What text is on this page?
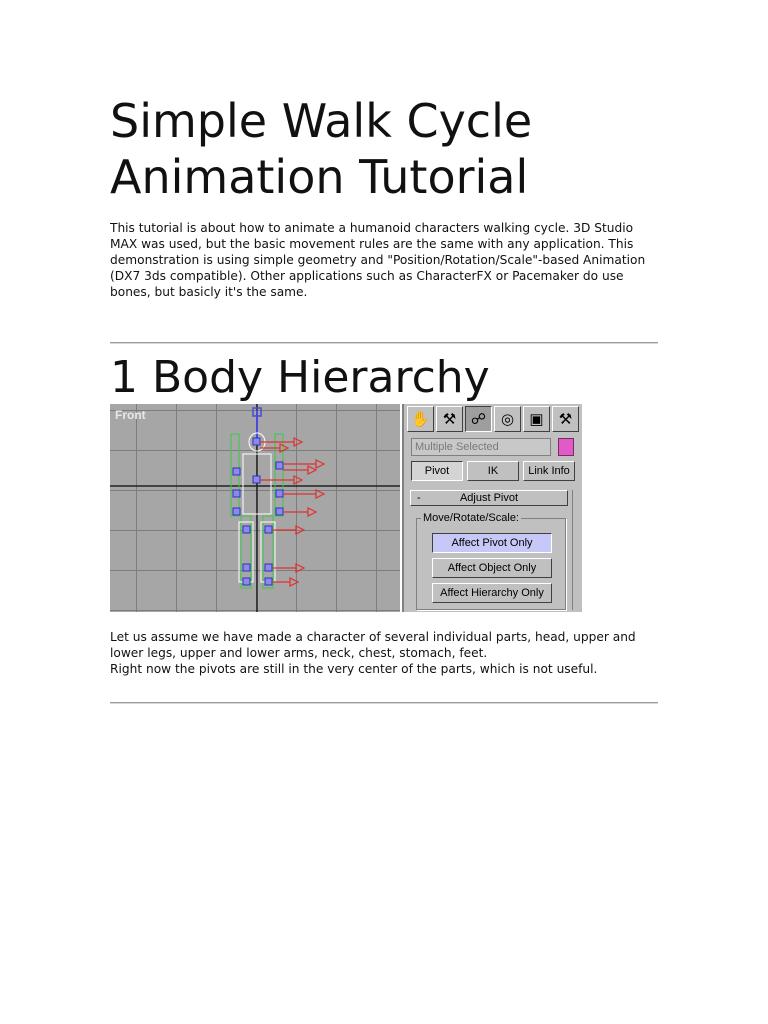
Simple Walk Cycle Animation Tutorial

This tutorial is about how to animate a humanoid characters walking cycle. 3D Studio MAX was used, but the basic movement rules are the same with any application. This demonstration is using simple geometry and "Position/Rotation/Scale"-based Animation (DX7 3ds compatible). Other applications such as CharacterFX or Pacemaker do use bones, but basicly it's the same.

1 Body Hierarchy
Front	✋ ⚒ ☍ ◎	▣	⚒
Multiple Selected
Pivot	IK	Link Info
Adjust Pivot
-
Move/Rotate/Scale:
Affect Pivot Only
Affect Object Only
Affect Hierarchy Only

Let us assume we have made a character of several individual parts, head, upper and lower legs, upper and lower arms, neck, chest, stomach, feet.
Right now the pivots are still in the very center of the parts, which is not useful.
